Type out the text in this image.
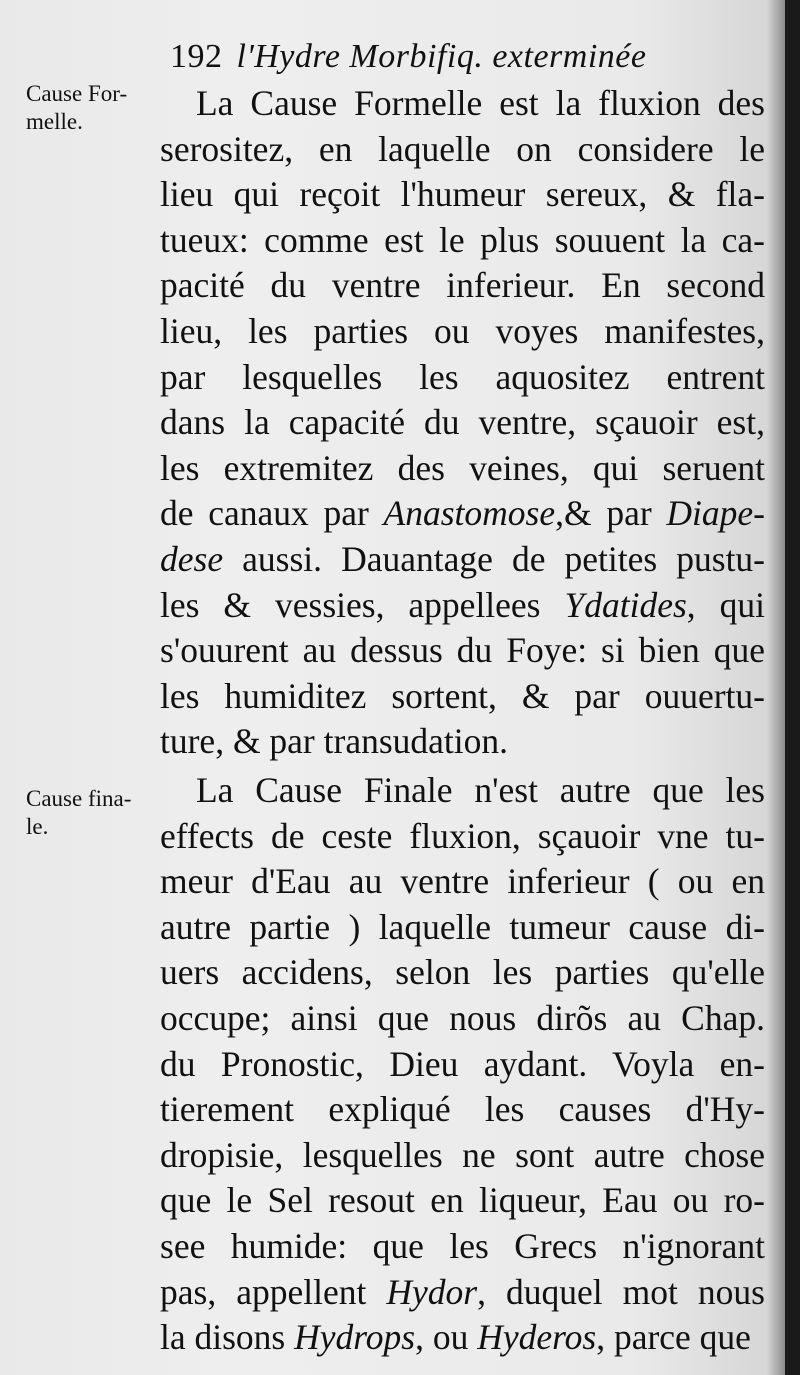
192 l'Hydre Morbifiq. exterminée
Cause For-
melle.
Cause fina-
le.
La Cause Formelle est la fluxion des
serositez, en laquelle on considere le
lieu qui reçoit l'humeur sereux, & fla-
tueux: comme est le plus souuent la ca-
pacité du ventre inferieur. En second
lieu, les parties ou voyes manifestes,
par lesquelles les aquositez entrent
dans la capacité du ventre, sçauoir est,
les extremitez des veines, qui seruent
de canaux par Anastomose,& par Diape-
dese aussi. Dauantage de petites pustu-
les & vessies, appellees Ydatides, qui
s'ouurent au dessus du Foye: si bien que
les humiditez sortent, & par ouuertu-
ture, & par transudation.
La Cause Finale n'est autre que les
effects de ceste fluxion, sçauoir vne tu-
meur d'Eau au ventre inferieur ( ou en
autre partie ) laquelle tumeur cause di-
uers accidens, selon les parties qu'elle
occupe; ainsi que nous dirõs au Chap.
du Pronostic, Dieu aydant. Voyla en-
tierement expliqué les causes d'Hy-
dropisie, lesquelles ne sont autre chose
que le Sel resout en liqueur, Eau ou ro-
see humide: que les Grecs n'ignorant
pas, appellent Hydor, duquel mot nous
la disons Hydrops, ou Hyderos, parce que
